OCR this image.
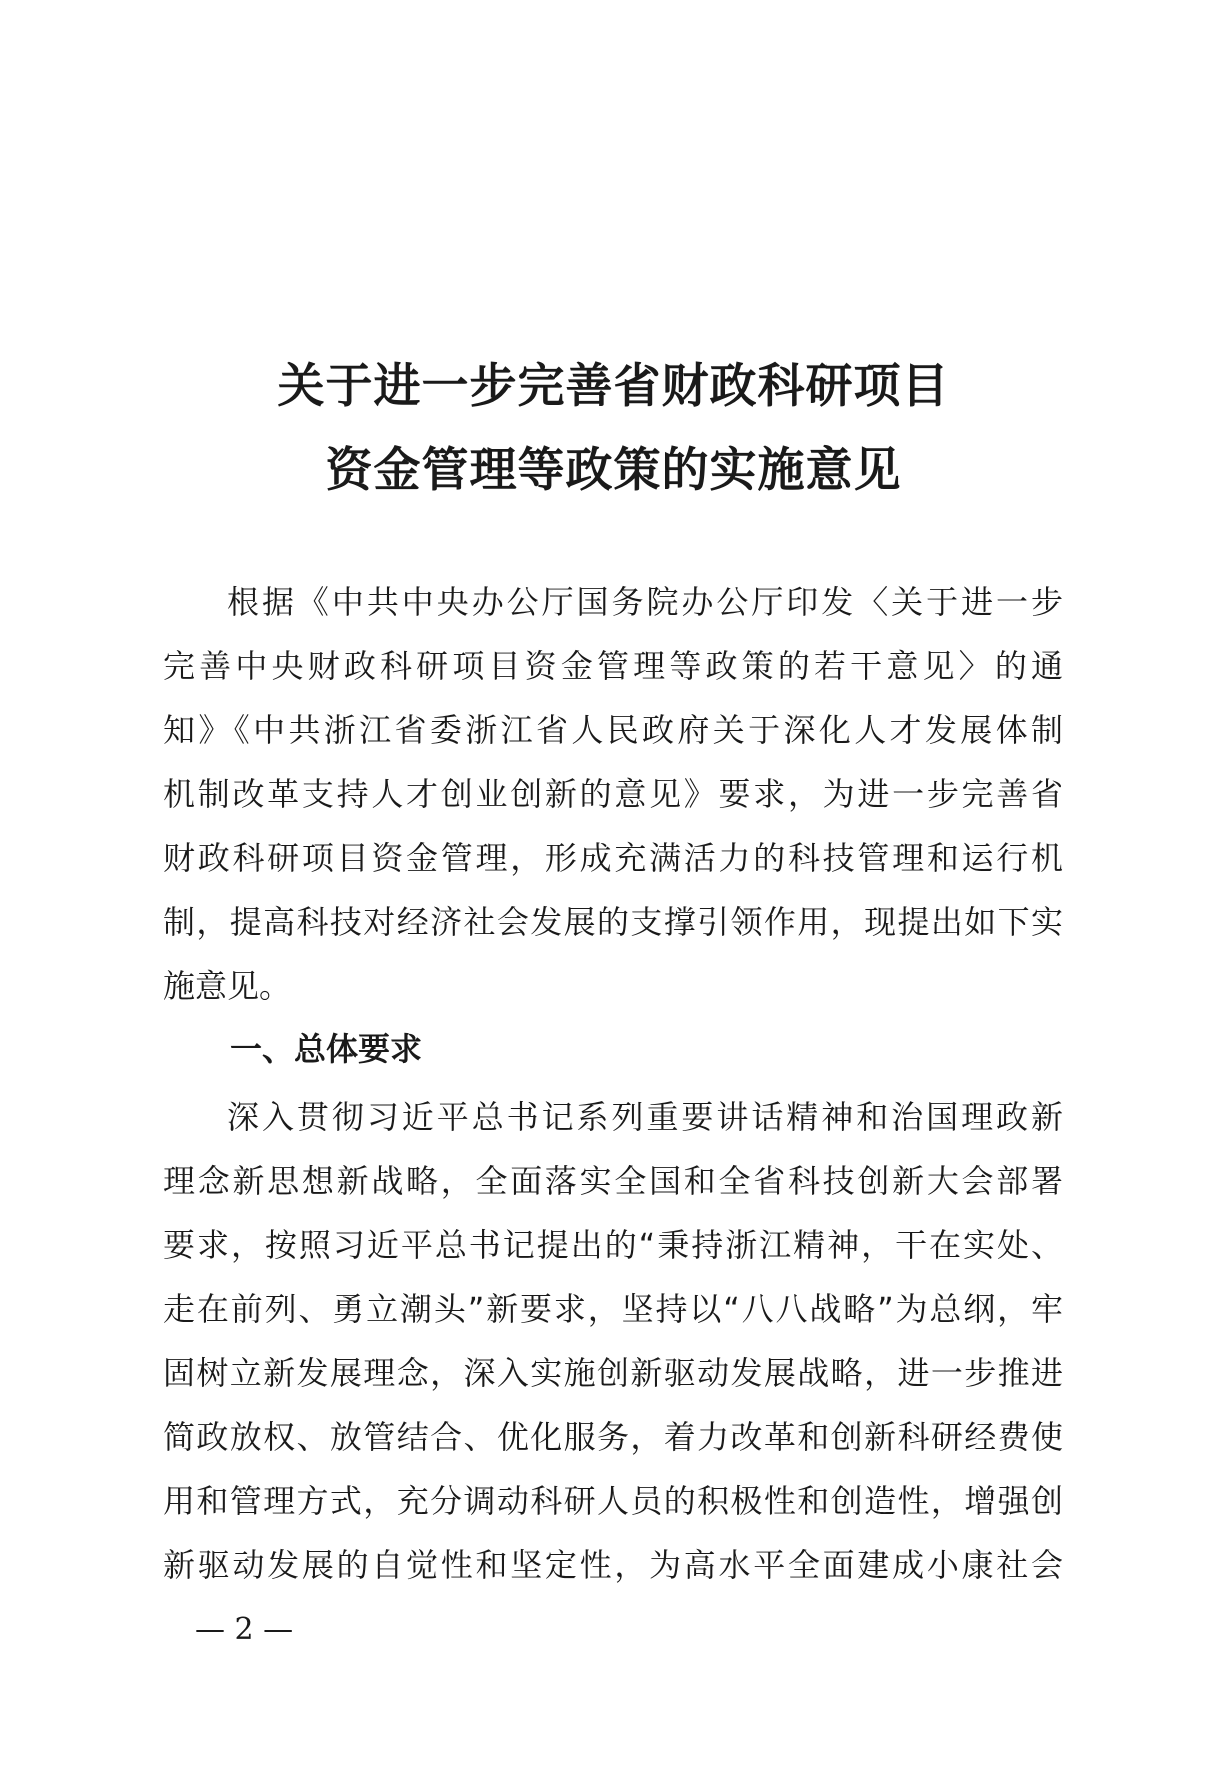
关于进一步完善省财政科研项目
资金管理等政策的实施意见
根据《中共中央办公厅国务院办公厅印发〈关于进一步
完善中央财政科研项目资金管理等政策的若干意见〉的通
知》《中共浙江省委浙江省人民政府关于深化人才发展体制
机制改革支持人才创业创新的意见》要求，为进一步完善省
财政科研项目资金管理，形成充满活力的科技管理和运行机
制，提高科技对经济社会发展的支撑引领作用，现提出如下实
施意见。
一、总体要求
深入贯彻习近平总书记系列重要讲话精神和治国理政新
理念新思想新战略，全面落实全国和全省科技创新大会部署
要求，按照习近平总书记提出的“秉持浙江精神，干在实处、
走在前列、勇立潮头”新要求，坚持以“八八战略”为总纲，牢
固树立新发展理念，深入实施创新驱动发展战略，进一步推进
简政放权、放管结合、优化服务，着力改革和创新科研经费使
用和管理方式，充分调动科研人员的积极性和创造性，增强创
新驱动发展的自觉性和坚定性，为高水平全面建成小康社会
— 2 —
